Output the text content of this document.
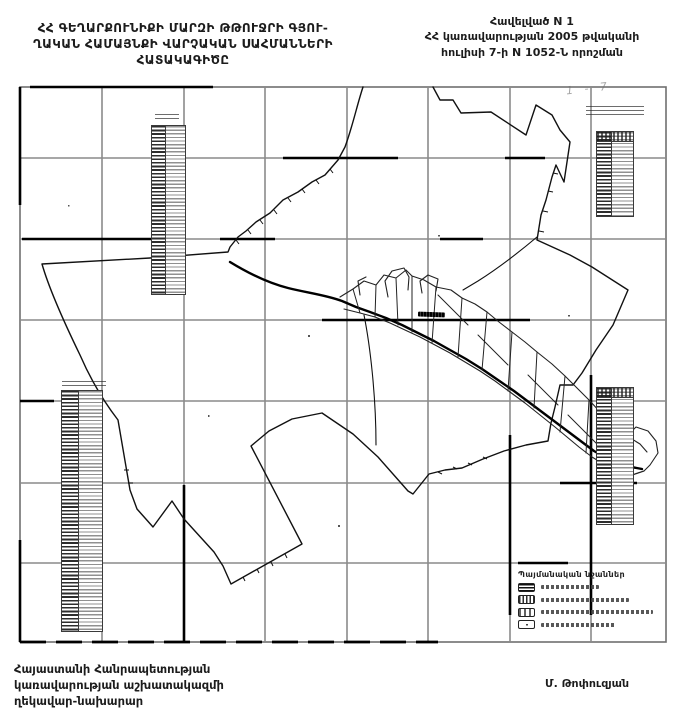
ՀՀ ԳԵՂԱՐՔՈՒՆԻՔԻ ՄԱՐԶԻ ԹԹՈՒՋՐԻ ԳՅՈՒ-
ՂԱԿԱՆ ՀԱՄԱՅՆՔԻ ՎԱՐՉԱԿԱՆ ՍԱՀՄԱՆՆԵՐԻ
ՀԱՏԱԿԱԳԻԾԸ
Հավելված N 1
ՀՀ կառավարության 2005 թվականի
հուլիսի 7-ի N 1052-Ն որոշման
1 - 7
Պայմանական նշաններ
Հայաստանի Հանրապետության
կառավարության աշխատակազմի
ղեկավար-նախարար
Մ. Թոփուզյան
